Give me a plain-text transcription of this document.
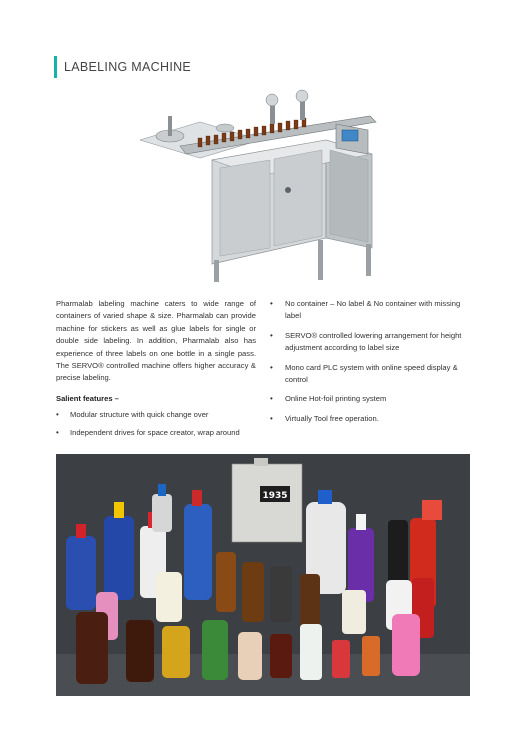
LABELING MACHINE
Pharmalab labeling machine caters to wide range of containers of varied shape & size. Pharmalab can provide machine for stickers as well as glue labels for single or double side labeling. In addition, Pharmalab also has experience of three labels on one bottle in a single pass. The SERVO® controlled machine offers higher accuracy & precise labeling.
Salient features –
• Modular structure with quick change over
• Independent drives for space creator, wrap around
• No container – No label & No container with missing label
• SERVO® controlled lowering arrangement for height adjustment according to label size
• Mono card PLC system with online speed display & control
• Online Hot-foil printing system
• Virtually Tool free operation.
1935
